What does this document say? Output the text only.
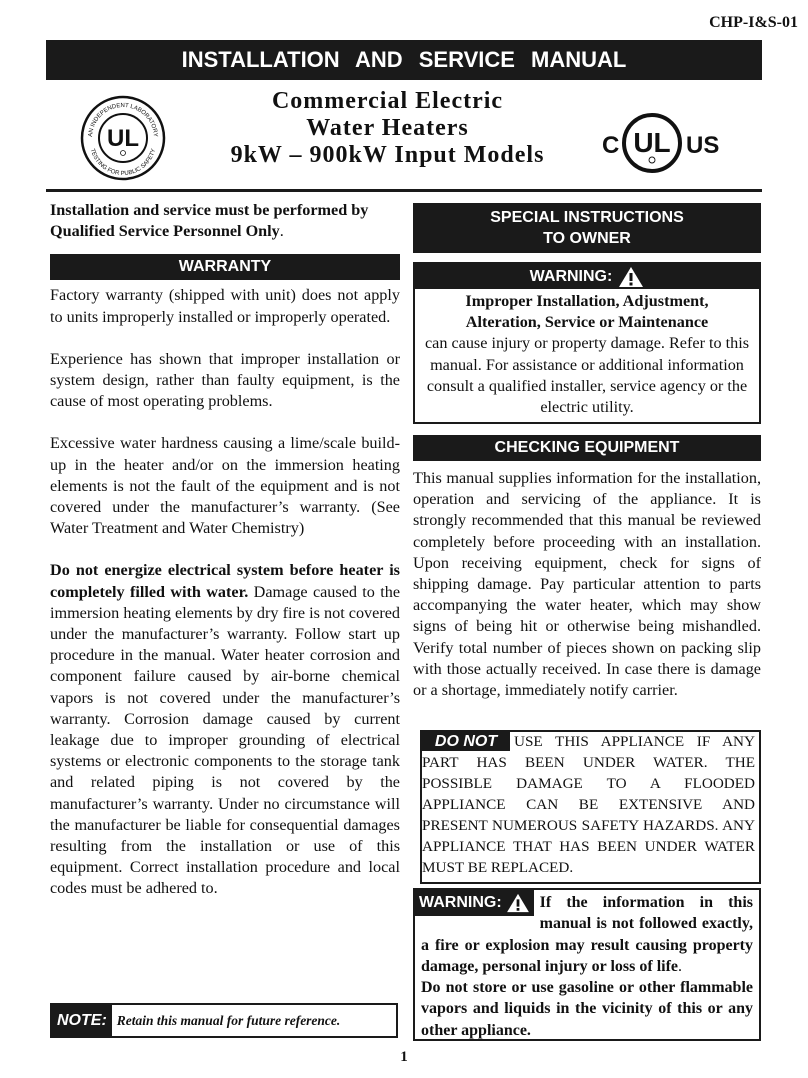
CHP-I&S-01
INSTALLATION AND SERVICE MANUAL
AN INDEPENDENT LABORATORY
TESTING FOR PUBLIC SAFETY
UL
Commercial Electric
Water Heaters
9kW – 900kW Input Models	C UL US

Installation and service must be performed by Qualified Service Personnel Only.

WARRANTY

Factory warranty (shipped with unit) does not apply to units improperly installed or improperly operated.

Experience has shown that improper installation or system design, rather than faulty equipment, is the cause of most operating problems.

Excessive water hardness causing a lime/scale build-up in the heater and/or on the immersion heating elements is not the fault of the equipment and is not covered under the manufacturer’s warranty. (See Water Treatment and Water Chemistry)

Do not energize electrical system before heater is completely filled with water. Damage caused to the immersion heating elements by dry fire is not covered under the manufacturer’s warranty. Follow start up procedure in the manual. Water heater corrosion and component failure caused by air-borne chemical vapors is not covered under the manufacturer’s warranty. Corrosion damage caused by current leakage due to improper grounding of electrical systems or electronic components to the storage tank and related piping is not covered by the manufacturer’s warranty. Under no circumstance will the manufacturer be liable for consequential damages resulting from the installation or use of this equipment. Correct installation procedure and local codes must be adhered to.

NOTE: Retain this manual for future reference.
SPECIAL INSTRUCTIONS
TO OWNER
WARNING:
Improper Installation, Adjustment,
Alteration, Service or Maintenance
can cause injury or property damage. Refer to this manual. For assistance or additional information consult a qualified installer, service agency or the electric utility.
CHECKING EQUIPMENT

This manual supplies information for the installation, operation and servicing of the appliance. It is strongly recommended that this manual be reviewed completely before proceeding with an installation. Upon receiving equipment, check for signs of shipping damage. Pay particular attention to parts accompanying the water heater, which may show signs of being hit or otherwise being mishandled. Verify total number of pieces shown on packing slip with those actually received. In case there is damage or a shortage, immediately notify carrier.

DO NOT	USE THIS APPLIANCE IF ANY PART HAS BEEN UNDER WATER. THE POSSIBLE DAMAGE TO A FLOODED APPLIANCE CAN BE EXTENSIVE AND PRESENT NUMEROUS SAFETY HAZARDS. ANY APPLIANCE THAT HAS BEEN UNDER WATER MUST BE REPLACED.
WARNING:	If the information in this manual is not followed exactly, a fire or explosion may result causing property damage, personal injury or loss of life.
Do not store or use gasoline or other flammable vapors and liquids in the vicinity of this or any other appliance.
1
